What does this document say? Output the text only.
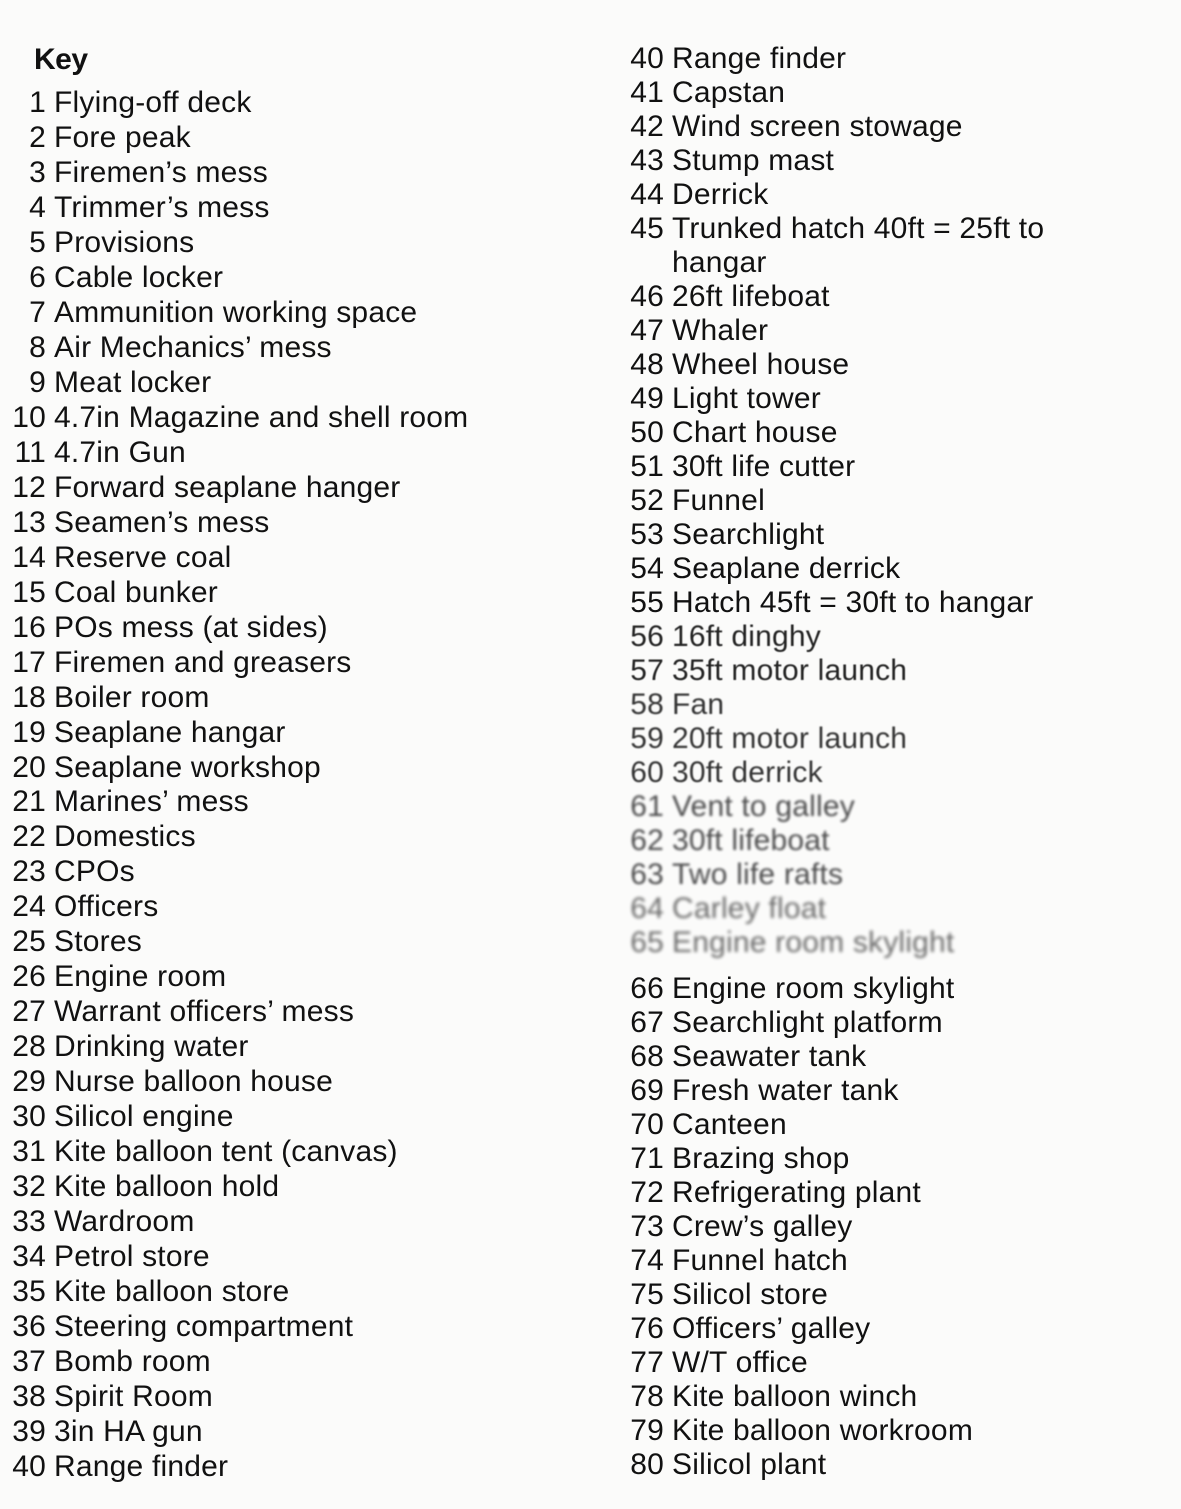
Key
1 Flying-off deck
2 Fore peak
3 Firemen’s mess
4 Trimmer’s mess
5 Provisions
6 Cable locker
7 Ammunition working space
8 Air Mechanics’ mess
9 Meat locker
10 4.7in Magazine and shell room
11 4.7in Gun
12 Forward seaplane hanger
13 Seamen’s mess
14 Reserve coal
15 Coal bunker
16 POs mess (at sides)
17 Firemen and greasers
18 Boiler room
19 Seaplane hangar
20 Seaplane workshop
21 Marines’ mess
22 Domestics
23 CPOs
24 Officers
25 Stores
26 Engine room
27 Warrant officers’ mess
28 Drinking water
29 Nurse balloon house
30 Silicol engine
31 Kite balloon tent (canvas)
32 Kite balloon hold
33 Wardroom
34 Petrol store
35 Kite balloon store
36 Steering compartment
37 Bomb room
38 Spirit Room
39 3in HA gun
40 Range finder
40 Range finder
41 Capstan
42 Wind screen stowage
43 Stump mast
44 Derrick
45 Trunked hatch 40ft = 25ft to hangar
46 26ft lifeboat
47 Whaler
48 Wheel house
49 Light tower
50 Chart house
51 30ft life cutter
52 Funnel
53 Searchlight
54 Seaplane derrick
55 Hatch 45ft = 30ft to hangar
56 16ft dinghy
57 35ft motor launch
58 Fan
59 20ft motor launch
60 30ft derrick
61 Vent to galley
62 30ft lifeboat
63 Two life rafts
64 Carley float
65 Engine room skylight
66 Engine room skylight
67 Searchlight platform
68 Seawater tank
69 Fresh water tank
70 Canteen
71 Brazing shop
72 Refrigerating plant
73 Crew’s galley
74 Funnel hatch
75 Silicol store
76 Officers’ galley
77 W/T office
78 Kite balloon winch
79 Kite balloon workroom
80 Silicol plant
